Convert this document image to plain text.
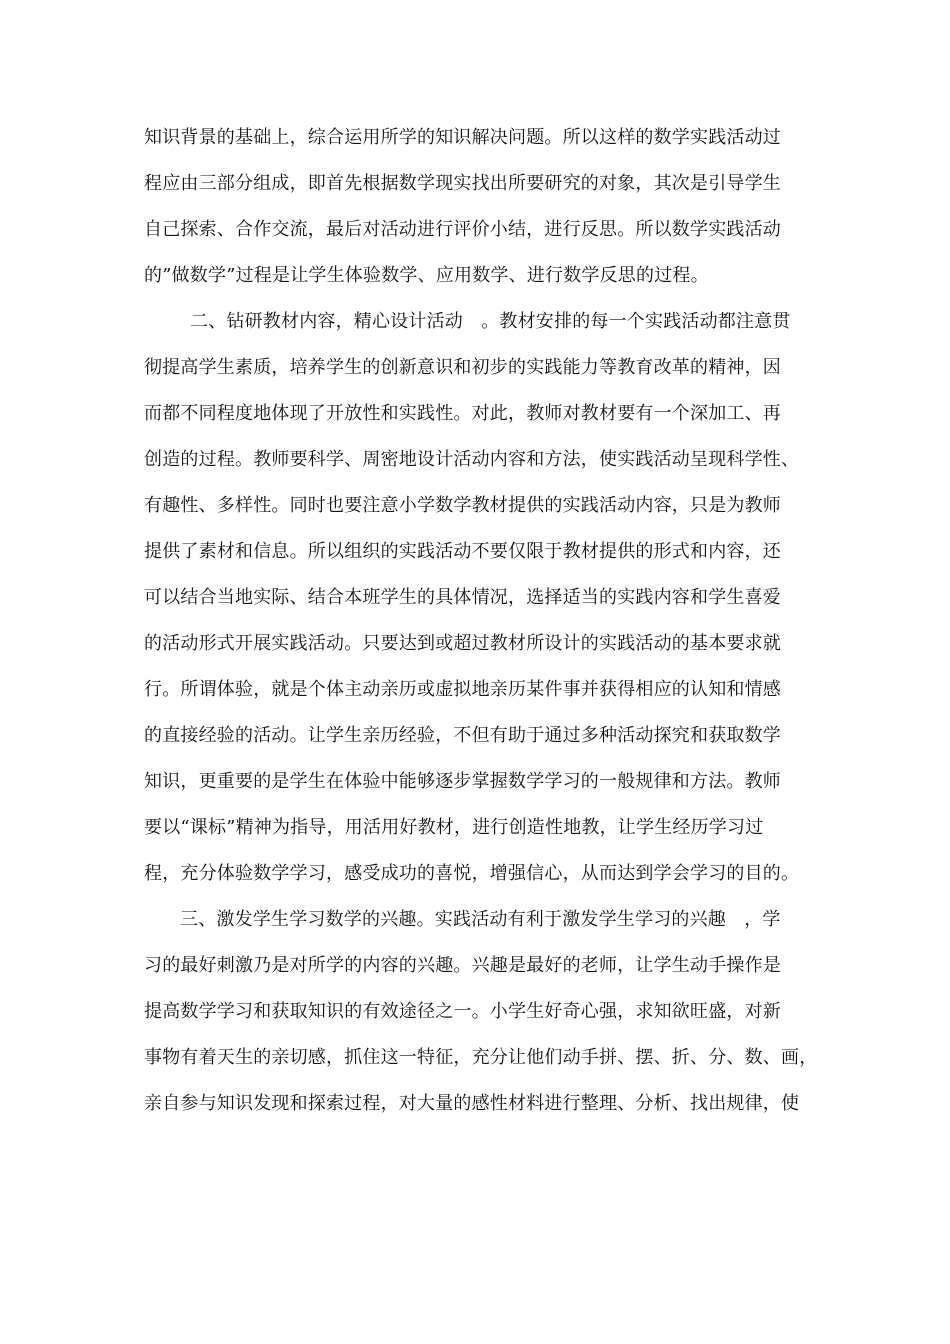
知识背景的基础上，综合运用所学的知识解决问题。所以这样的数学实践活动过
程应由三部分组成，即首先根据数学现实找出所要研究的对象，其次是引导学生
自己探索、合作交流，最后对活动进行评价小结，进行反思。所以数学实践活动
的”做数学”过程是让学生体验数学、应用数学、进行数学反思的过程。
二、钻研教材内容，精心设计活动　。教材安排的每一个实践活动都注意贯
彻提高学生素质，培养学生的创新意识和初步的实践能力等教育改革的精神，因
而都不同程度地体现了开放性和实践性。对此，教师对教材要有一个深加工、再
创造的过程。教师要科学、周密地设计活动内容和方法，使实践活动呈现科学性、
有趣性、多样性。同时也要注意小学数学教材提供的实践活动内容，只是为教师
提供了素材和信息。所以组织的实践活动不要仅限于教材提供的形式和内容，还
可以结合当地实际、结合本班学生的具体情况，选择适当的实践内容和学生喜爱
的活动形式开展实践活动。只要达到或超过教材所设计的实践活动的基本要求就
行。所谓体验，就是个体主动亲历或虚拟地亲历某件事并获得相应的认知和情感
的直接经验的活动。让学生亲历经验，不但有助于通过多种活动探究和获取数学
知识，更重要的是学生在体验中能够逐步掌握数学学习的一般规律和方法。教师
要以“课标”精神为指导，用活用好教材，进行创造性地教，让学生经历学习过
程，充分体验数学学习，感受成功的喜悦，增强信心，从而达到学会学习的目的。
三、激发学生学习数学的兴趣。实践活动有利于激发学生学习的兴趣　，学
习的最好刺激乃是对所学的内容的兴趣。兴趣是最好的老师，让学生动手操作是
提高数学学习和获取知识的有效途径之一。小学生好奇心强，求知欲旺盛，对新
事物有着天生的亲切感，抓住这一特征，充分让他们动手拼、摆、折、分、数、画，
亲自参与知识发现和探索过程，对大量的感性材料进行整理、分析、找出规律，使
